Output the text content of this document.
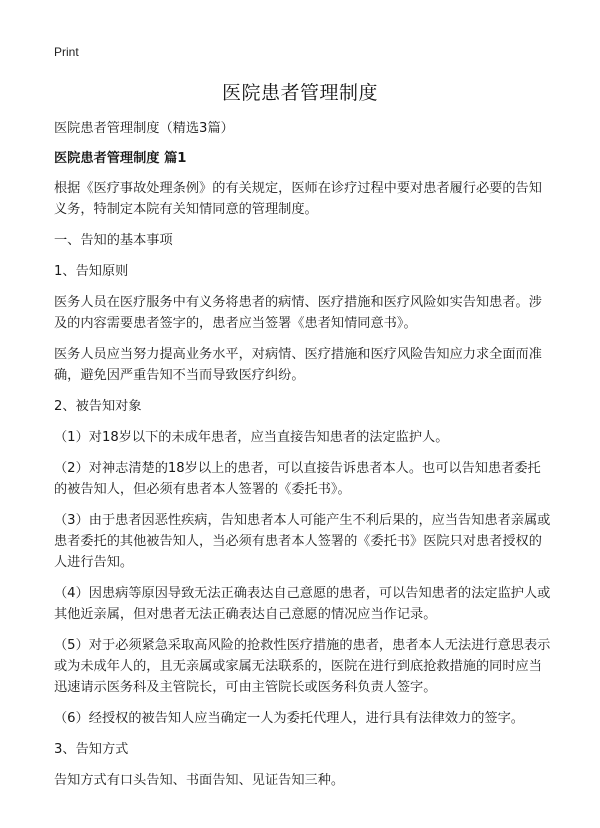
Print
医院患者管理制度

医院患者管理制度（精选3篇）

医院患者管理制度 篇1

根据《医疗事故处理条例》的有关规定，医师在诊疗过程中要对患者履行必要的告知义务，特制定本院有关知情同意的管理制度。

一、告知的基本事项

1、告知原则

医务人员在医疗服务中有义务将患者的病情、医疗措施和医疗风险如实告知患者。涉及的内容需要患者签字的，患者应当签署《患者知情同意书》。

医务人员应当努力提高业务水平，对病情、医疗措施和医疗风险告知应力求全面而准确，避免因严重告知不当而导致医疗纠纷。

2、被告知对象

（1）对18岁以下的未成年患者，应当直接告知患者的法定监护人。

（2）对神志清楚的18岁以上的患者，可以直接告诉患者本人。也可以告知患者委托的被告知人，但必须有患者本人签署的《委托书》。

（3）由于患者因恶性疾病，告知患者本人可能产生不利后果的，应当告知患者亲属或患者委托的其他被告知人，当必须有患者本人签署的《委托书》医院只对患者授权的人进行告知。

（4）因患病等原因导致无法正确表达自己意愿的患者，可以告知患者的法定监护人或其他近亲属，但对患者无法正确表达自己意愿的情况应当作记录。

（5）对于必须紧急采取高风险的抢救性医疗措施的患者，患者本人无法进行意思表示或为未成年人的，且无亲属或家属无法联系的，医院在进行到底抢救措施的同时应当迅速请示医务科及主管院长，可由主管院长或医务科负责人签字。

（6）经授权的被告知人应当确定一人为委托代理人，进行具有法律效力的签字。

3、告知方式

告知方式有口头告知、书面告知、见证告知三种。
